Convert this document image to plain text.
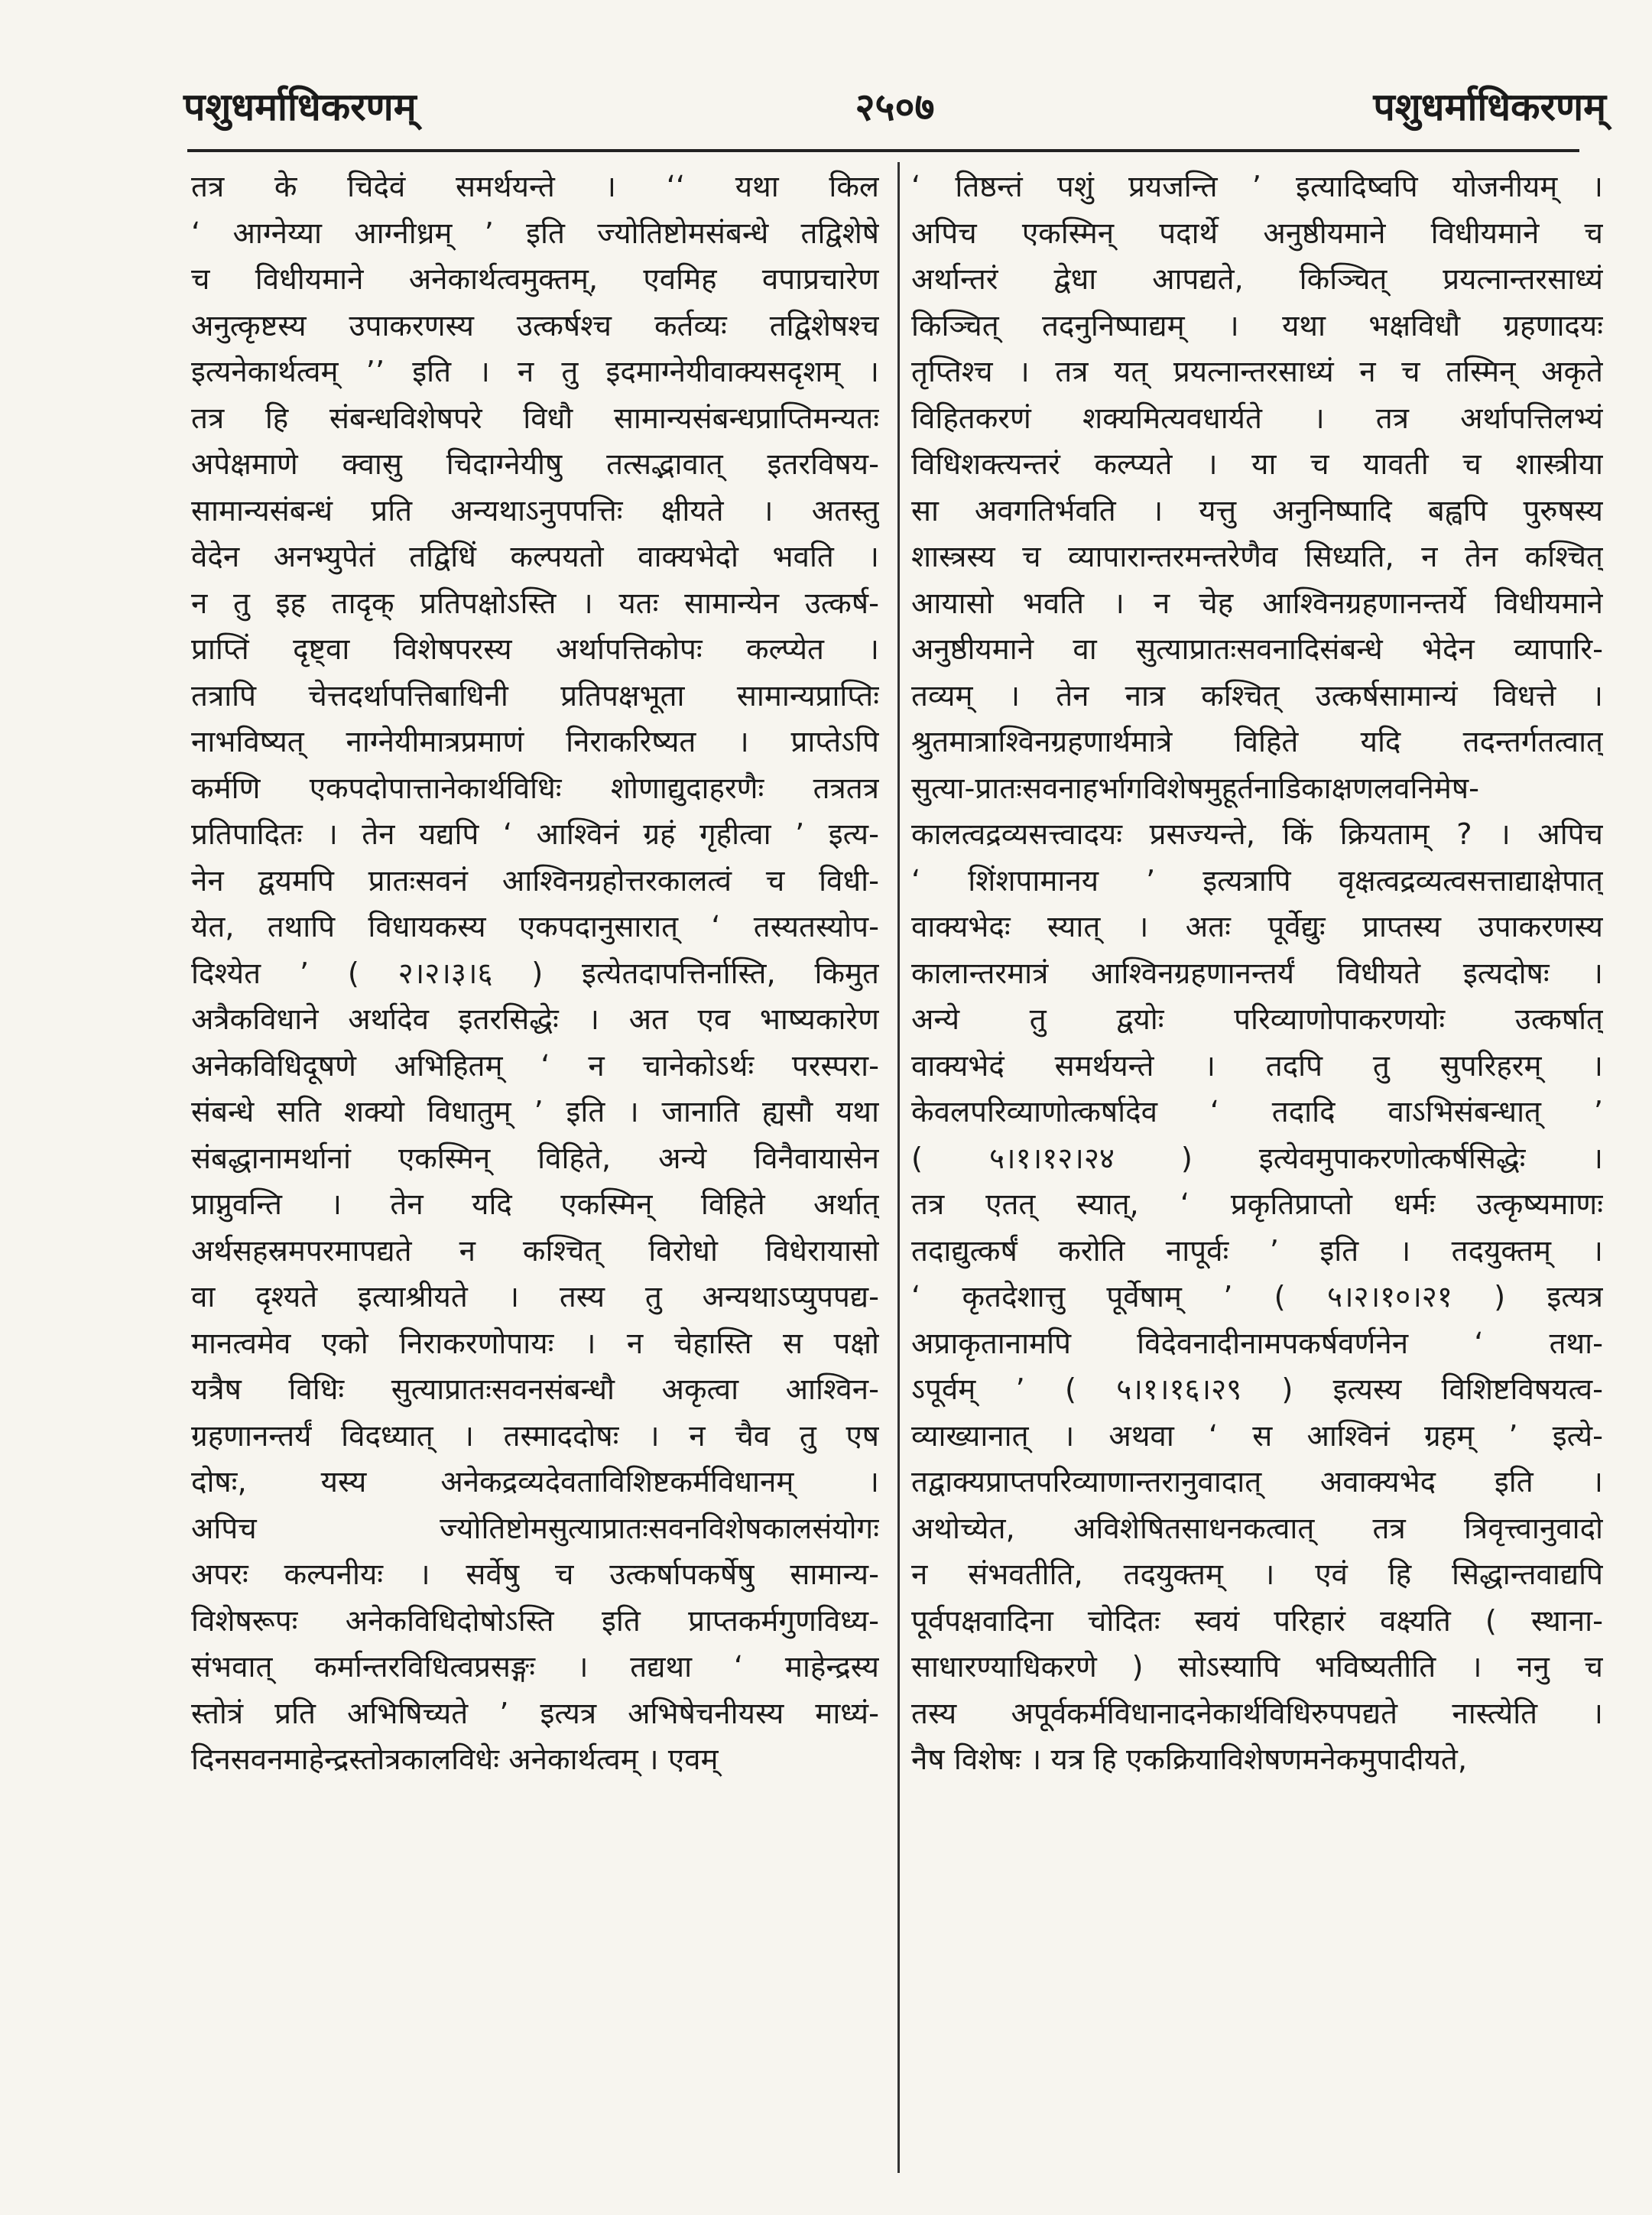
पशुधर्माधिकरणम्	२५०७	पशुधर्माधिकरणम्
तत्र के चिदेवं समर्थयन्ते । ‘‘ यथा किल
‘ आग्नेय्या आग्नीध्रम् ’ इति ज्योतिष्टोमसंबन्धे तद्विशेषे
च विधीयमाने अनेकार्थत्वमुक्तम्, एवमिह वपाप्रचारेण
अनुत्कृष्टस्य उपाकरणस्य उत्कर्षश्च कर्तव्यः तद्विशेषश्च
इत्यनेकार्थत्वम् ’’ इति । न तु इदमाग्नेयीवाक्यसदृशम् ।
तत्र हि संबन्धविशेषपरे विधौ सामान्यसंबन्धप्राप्तिमन्यतः
अपेक्षमाणे क्वासु चिदाग्नेयीषु तत्सद्भावात् इतरविषय-
सामान्यसंबन्धं प्रति अन्यथाऽनुपपत्तिः क्षीयते । अतस्तु
वेदेन अनभ्युपेतं तद्विधिं कल्पयतो वाक्यभेदो भवति ।
न तु इह तादृक् प्रतिपक्षोऽस्ति । यतः सामान्येन उत्कर्ष-
प्राप्तिं दृष्ट्वा विशेषपरस्य अर्थापत्तिकोपः कल्प्येत ।
तत्रापि चेत्तदर्थापत्तिबाधिनी प्रतिपक्षभूता सामान्यप्राप्तिः
नाभविष्यत् नाग्नेयीमात्रप्रमाणं निराकरिष्यत । प्राप्तेऽपि
कर्मणि एकपदोपात्तानेकार्थविधिः शोणाद्युदाहरणैः तत्रतत्र
प्रतिपादितः । तेन यद्यपि ‘ आश्विनं ग्रहं गृहीत्वा ’ इत्य-
नेन द्वयमपि प्रातःसवनं आश्विनग्रहोत्तरकालत्वं च विधी-
येत, तथापि विधायकस्य एकपदानुसारात् ‘ तस्यतस्योप-
दिश्येत ’ ( २।२।३।६ ) इत्येतदापत्तिर्नास्ति, किमुत
अत्रैकविधाने अर्थादेव इतरसिद्धेः । अत एव भाष्यकारेण
अनेकविधिदूषणे अभिहितम् ‘ न चानेकोऽर्थः परस्परा-
संबन्धे सति शक्यो विधातुम् ’ इति । जानाति ह्यसौ यथा
संबद्धानामर्थानां एकस्मिन् विहिते, अन्ये विनैवायासेन
प्राप्नुवन्ति । तेन यदि एकस्मिन् विहिते अर्थात्
अर्थसहस्रमपरमापद्यते न कश्चित् विरोधो विधेरायासो
वा दृश्यते इत्याश्रीयते । तस्य तु अन्यथाऽप्युपपद्य-
मानत्वमेव एको निराकरणोपायः । न चेहास्ति स पक्षो
यत्रैष विधिः सुत्याप्रातःसवनसंबन्धौ अकृत्वा आश्विन-
ग्रहणानन्तर्यं विदध्यात् । तस्माददोषः । न चैव तु एष
दोषः, यस्य अनेकद्रव्यदेवताविशिष्टकर्मविधानम् ।
अपिच ज्योतिष्टोमसुत्याप्रातःसवनविशेषकालसंयोगः
अपरः कल्पनीयः । सर्वेषु च उत्कर्षापकर्षेषु सामान्य-
विशेषरूपः अनेकविधिदोषोऽस्ति इति प्राप्तकर्मगुणविध्य-
संभवात् कर्मान्तरविधित्वप्रसङ्गः । तद्यथा ‘ माहेन्द्रस्य
स्तोत्रं प्रति अभिषिच्यते ’ इत्यत्र अभिषेचनीयस्य माध्यं-
दिनसवनमाहेन्द्रस्तोत्रकालविधेः अनेकार्थत्वम् । एवम्
‘ तिष्ठन्तं पशुं प्रयजन्ति ’ इत्यादिष्वपि योजनीयम् ।
अपिच एकस्मिन् पदार्थे अनुष्ठीयमाने विधीयमाने च
अर्थान्तरं द्वेधा आपद्यते, किञ्चित् प्रयत्नान्तरसाध्यं
किञ्चित् तदनुनिष्पाद्यम् । यथा भक्षविधौ ग्रहणादयः
तृप्तिश्च । तत्र यत् प्रयत्नान्तरसाध्यं न च तस्मिन् अकृते
विहितकरणं शक्यमित्यवधार्यते । तत्र अर्थापत्तिलभ्यं
विधिशक्त्यन्तरं कल्प्यते । या च यावती च शास्त्रीया
सा अवगतिर्भवति । यत्तु अनुनिष्पादि बह्वपि पुरुषस्य
शास्त्रस्य च व्यापारान्तरमन्तरेणैव सिध्यति, न तेन कश्चित्
आयासो भवति । न चेह आश्विनग्रहणानन्तर्ये विधीयमाने
अनुष्ठीयमाने वा सुत्याप्रातःसवनादिसंबन्धे भेदेन व्यापारि-
तव्यम् । तेन नात्र कश्चित् उत्कर्षसामान्यं विधत्ते ।
श्रुतमात्राश्विनग्रहणार्थमात्रे विहिते यदि तदन्तर्गतत्वात्
सुत्या-प्रातःसवनाहर्भागविशेषमुहूर्तनाडिकाक्षणलवनिमेष-
कालत्वद्रव्यसत्त्वादयः प्रसज्यन्ते, किं क्रियताम् ? । अपिच
‘ शिंशपामानय ’ इत्यत्रापि वृक्षत्वद्रव्यत्वसत्ताद्याक्षेपात्
वाक्यभेदः स्यात् । अतः पूर्वेद्युः प्राप्तस्य उपाकरणस्य
कालान्तरमात्रं आश्विनग्रहणानन्तर्यं विधीयते इत्यदोषः ।
अन्ये तु द्वयोः परिव्याणोपाकरणयोः उत्कर्षात्
वाक्यभेदं समर्थयन्ते । तदपि तु सुपरिहरम् ।
केवलपरिव्याणोत्कर्षादेव ‘ तदादि वाऽभिसंबन्धात् ’
( ५।१।१२।२४ ) इत्येवमुपाकरणोत्कर्षसिद्धेः ।
तत्र एतत् स्यात्, ‘ प्रकृतिप्राप्तो धर्मः उत्कृष्यमाणः
तदाद्युत्कर्षं करोति नापूर्वः ’ इति । तदयुक्तम् ।
‘ कृतदेशात्तु पूर्वेषाम् ’ ( ५।२।१०।२१ ) इत्यत्र
अप्राकृतानामपि विदेवनादीनामपकर्षवर्णनेन ‘ तथा-
ऽपूर्वम् ’ ( ५।१।१६।२९ ) इत्यस्य विशिष्टविषयत्व-
व्याख्यानात् । अथवा ‘ स आश्विनं ग्रहम् ’ इत्ये-
तद्वाक्यप्राप्तपरिव्याणान्तरानुवादात् अवाक्यभेद इति ।
अथोच्येत, अविशेषितसाधनकत्वात् तत्र त्रिवृत्त्वानुवादो
न संभवतीति, तदयुक्तम् । एवं हि सिद्धान्तवाद्यपि
पूर्वपक्षवादिना चोदितः स्वयं परिहारं वक्ष्यति ( स्थाना-
साधारण्याधिकरणे ) सोऽस्यापि भविष्यतीति । ननु च
तस्य अपूर्वकर्मविधानादनेकार्थविधिरुपपद्यते नास्त्येति ।
नैष विशेषः । यत्र हि एकक्रियाविशेषणमनेकमुपादीयते,
